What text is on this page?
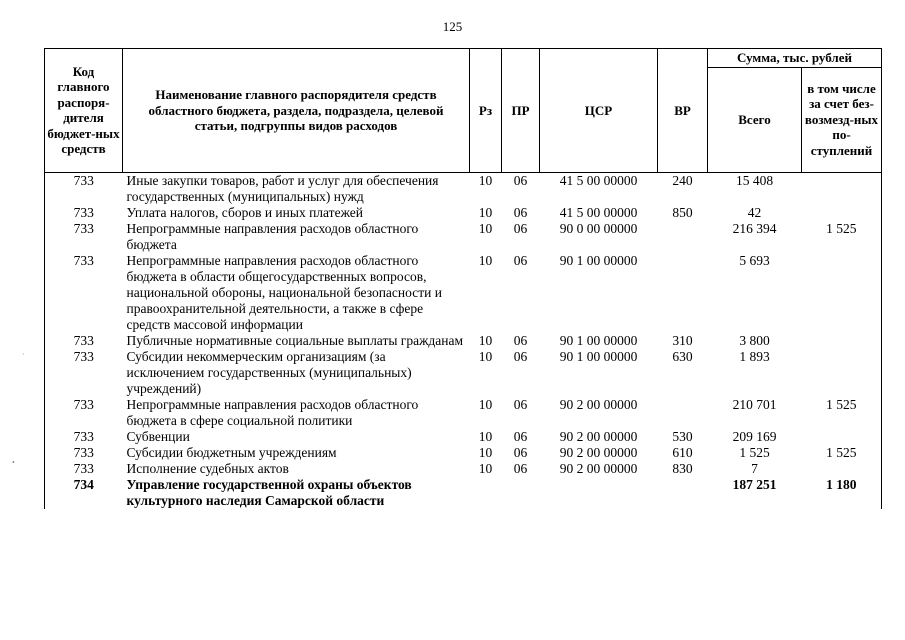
125
Код главного распоря-дителя бюджет-ных средств	Наименование главного распорядителя средств областного бюджета, раздела, подраздела, целевой статьи, подгруппы видов расходов	Рз	ПР	ЦСР	ВР	Сумма, тыс. рублей	
						Всего	в том числе за счет без-возмезд-ных по-ступлений
733	Иные закупки товаров, работ и услуг для обеспечения государственных (муниципальных) нужд	10	06	41 5 00 00000	240	15 408	
733	Уплата налогов, сборов и иных платежей	10	06	41 5 00 00000	850	42	
733	Непрограммные направления расходов областного бюджета	10	06	90 0 00 00000		216 394	1 525
733	Непрограммные направления расходов областного бюджета в области общегосударственных вопросов, национальной обороны, национальной безопасности и правоохранительной деятельности, а также в сфере средств массовой информации	10	06	90 1 00 00000		5 693	
733	Публичные нормативные социальные выплаты гражданам	10	06	90 1 00 00000	310	3 800	
733	Субсидии некоммерческим организациям (за исключением государственных (муниципальных) учреждений)	10	06	90 1 00 00000	630	1 893	
733	Непрограммные направления расходов областного бюджета в сфере социальной политики	10	06	90 2 00 00000		210 701	1 525
733	Субвенции	10	06	90 2 00 00000	530	209 169	
733	Субсидии бюджетным учреждениям	10	06	90 2 00 00000	610	1 525	1 525
733	Исполнение судебных актов	10	06	90 2 00 00000	830	7	
734	Управление государственной охраны объектов культурного наследия Самарской области					187 251	1 180
·
•
